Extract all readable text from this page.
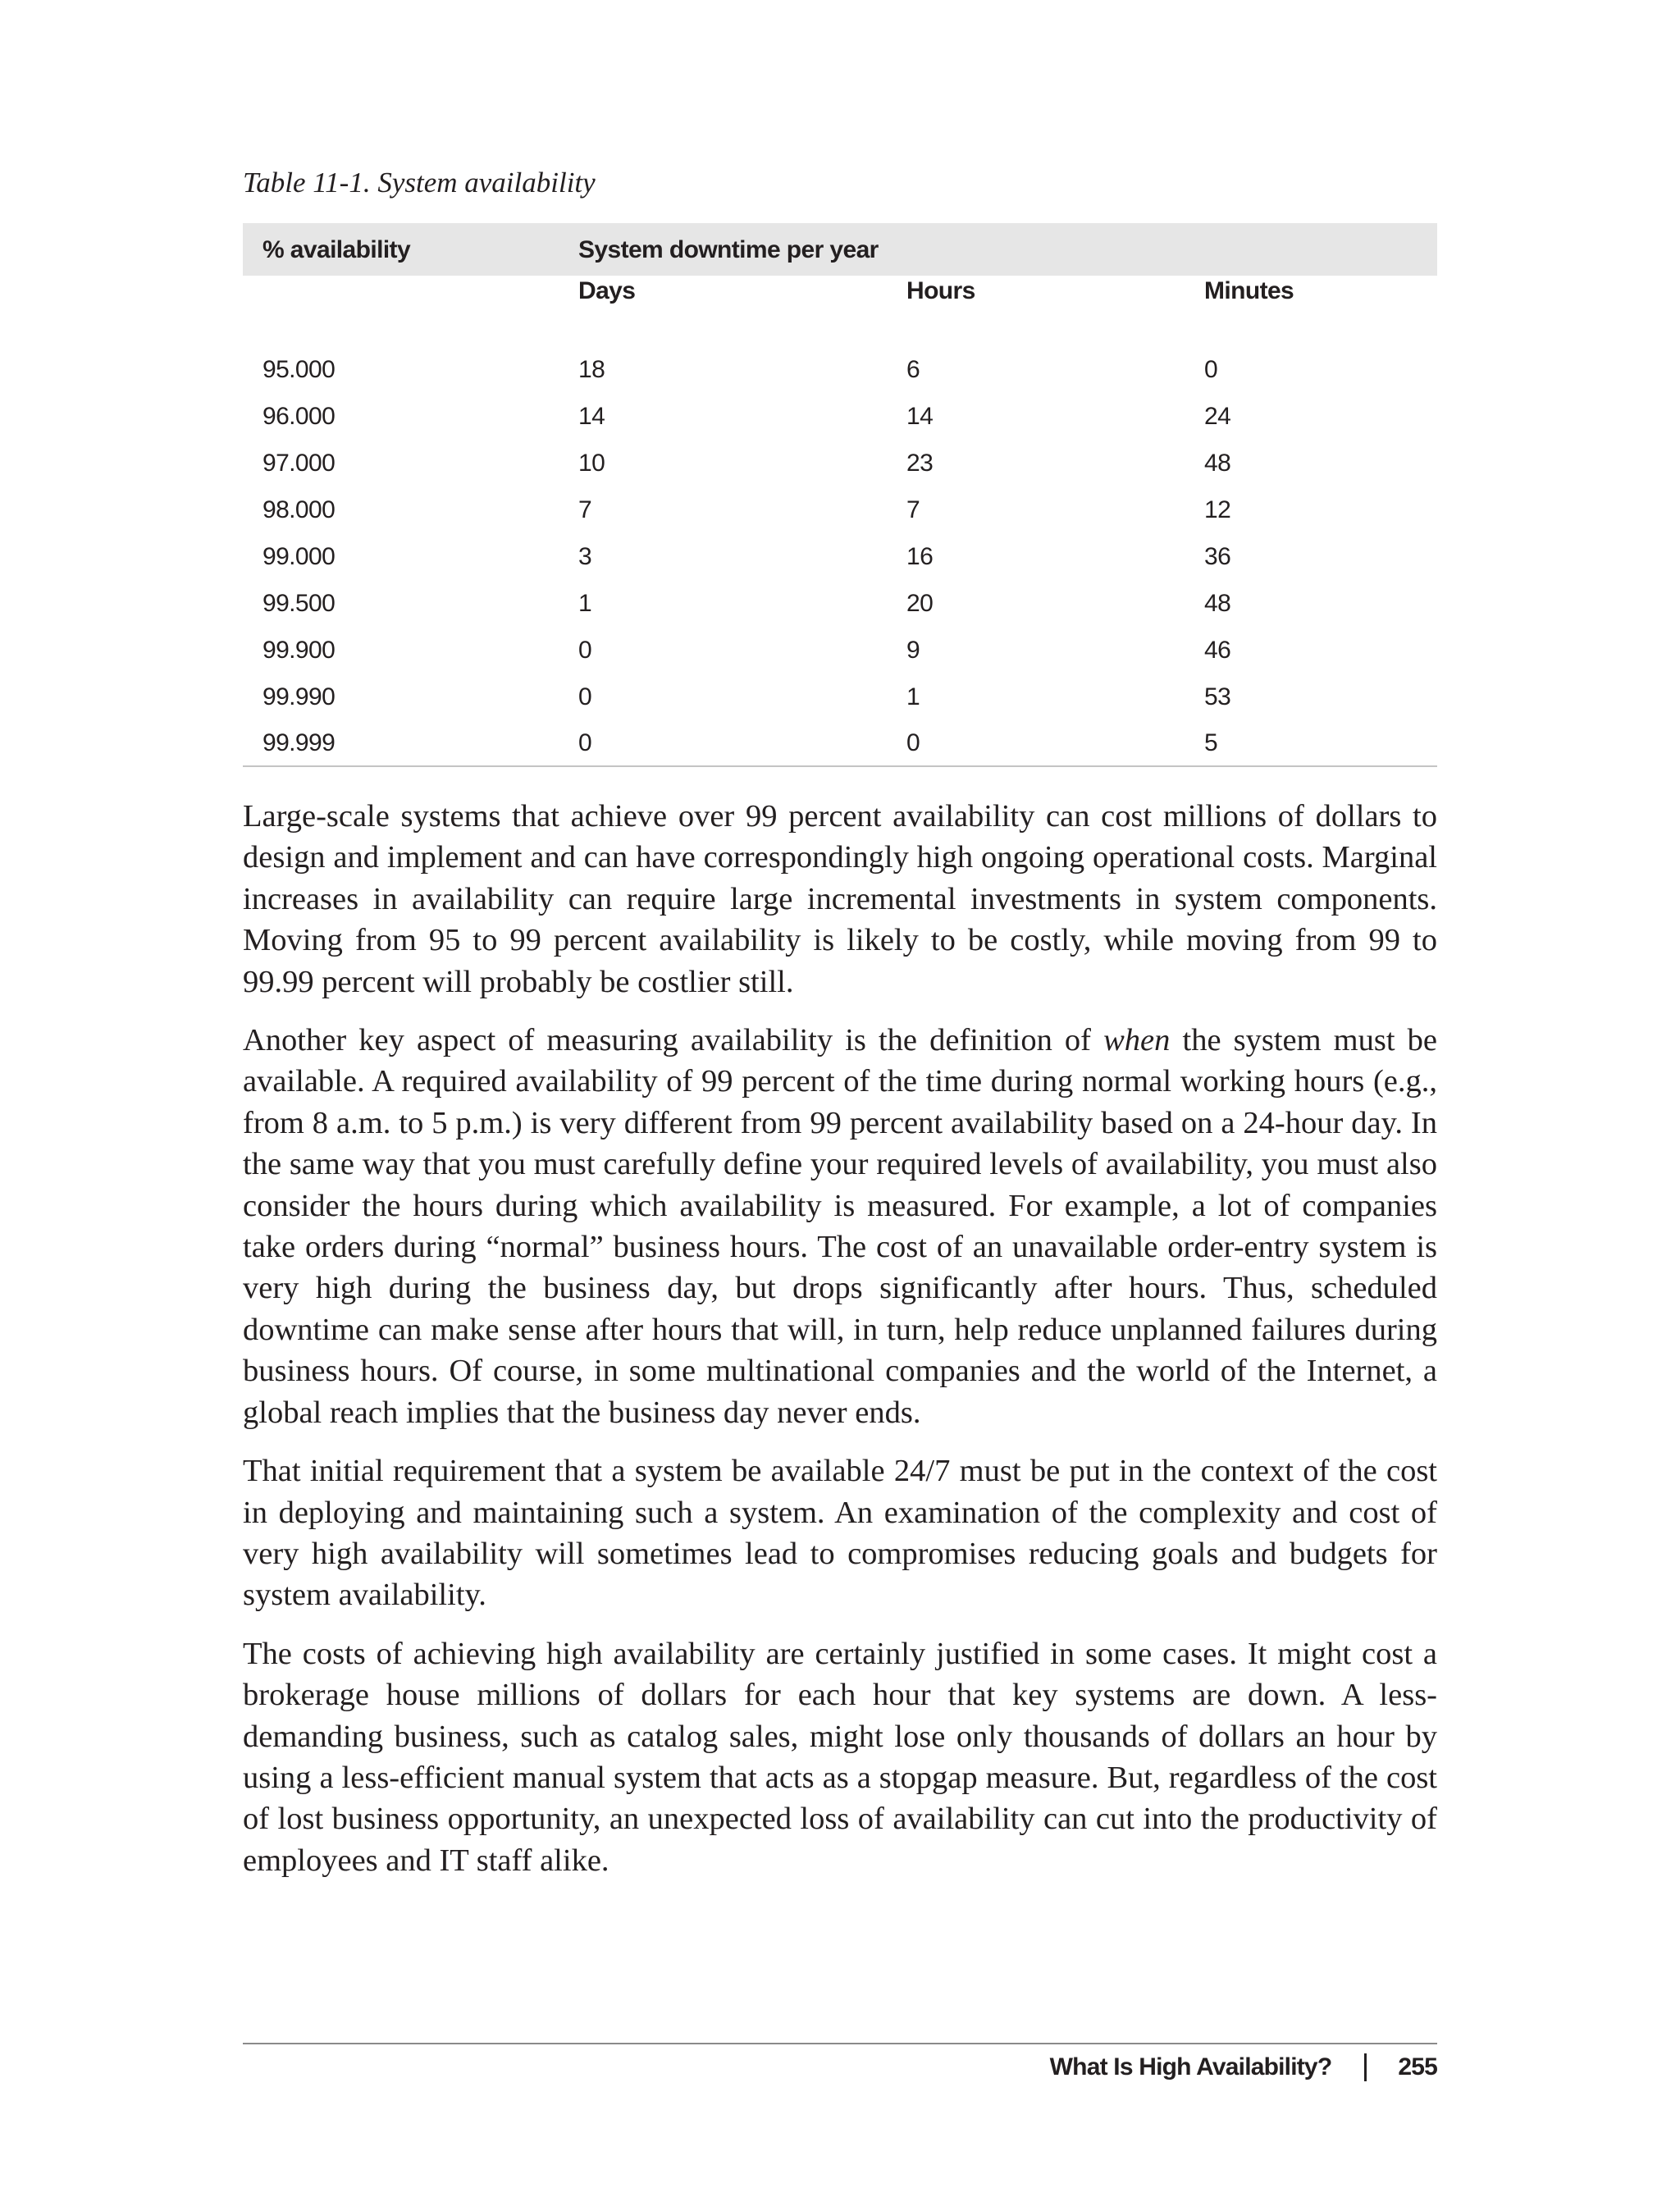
Table 11-1. System availability

% availability	System downtime per year		
	Days	Hours	Minutes

95.000	18	6	0
96.000	14	14	24
97.000	10	23	48
98.000	7	7	12
99.000	3	16	36
99.500	1	20	48
99.900	0	9	46
99.990	0	1	53
99.999	0	0	5

Large-scale systems that achieve over 99 percent availability can cost millions of dollars to design and implement and can have correspondingly high ongoing operational costs. Marginal increases in availability can require large incremental investments in system components. Moving from 95 to 99 percent availability is likely to be costly, while moving from 99 to 99.99 percent will probably be costlier still.

Another key aspect of measuring availability is the definition of when the system must be available. A required availability of 99 percent of the time during normal working hours (e.g., from 8 a.m. to 5 p.m.) is very different from 99 percent availability based on a 24-hour day. In the same way that you must carefully define your required levels of availability, you must also consider the hours during which availability is measured. For example, a lot of companies take orders during “normal” business hours. The cost of an unavailable order-entry system is very high during the business day, but drops significantly after hours. Thus, scheduled downtime can make sense after hours that will, in turn, help reduce unplanned failures during business hours. Of course, in some multinational companies and the world of the Internet, a global reach implies that the business day never ends.

That initial requirement that a system be available 24/7 must be put in the context of the cost in deploying and maintaining such a system. An examination of the complexity and cost of very high availability will sometimes lead to compromises reducing goals and budgets for system availability.

The costs of achieving high availability are certainly justified in some cases. It might cost a brokerage house millions of dollars for each hour that key systems are down. A less-demanding business, such as catalog sales, might lose only thousands of dollars an hour by using a less-efficient manual system that acts as a stopgap measure. But, regardless of the cost of lost business opportunity, an unexpected loss of availability can cut into the productivity of employees and IT staff alike.

What Is High Availability?	255
